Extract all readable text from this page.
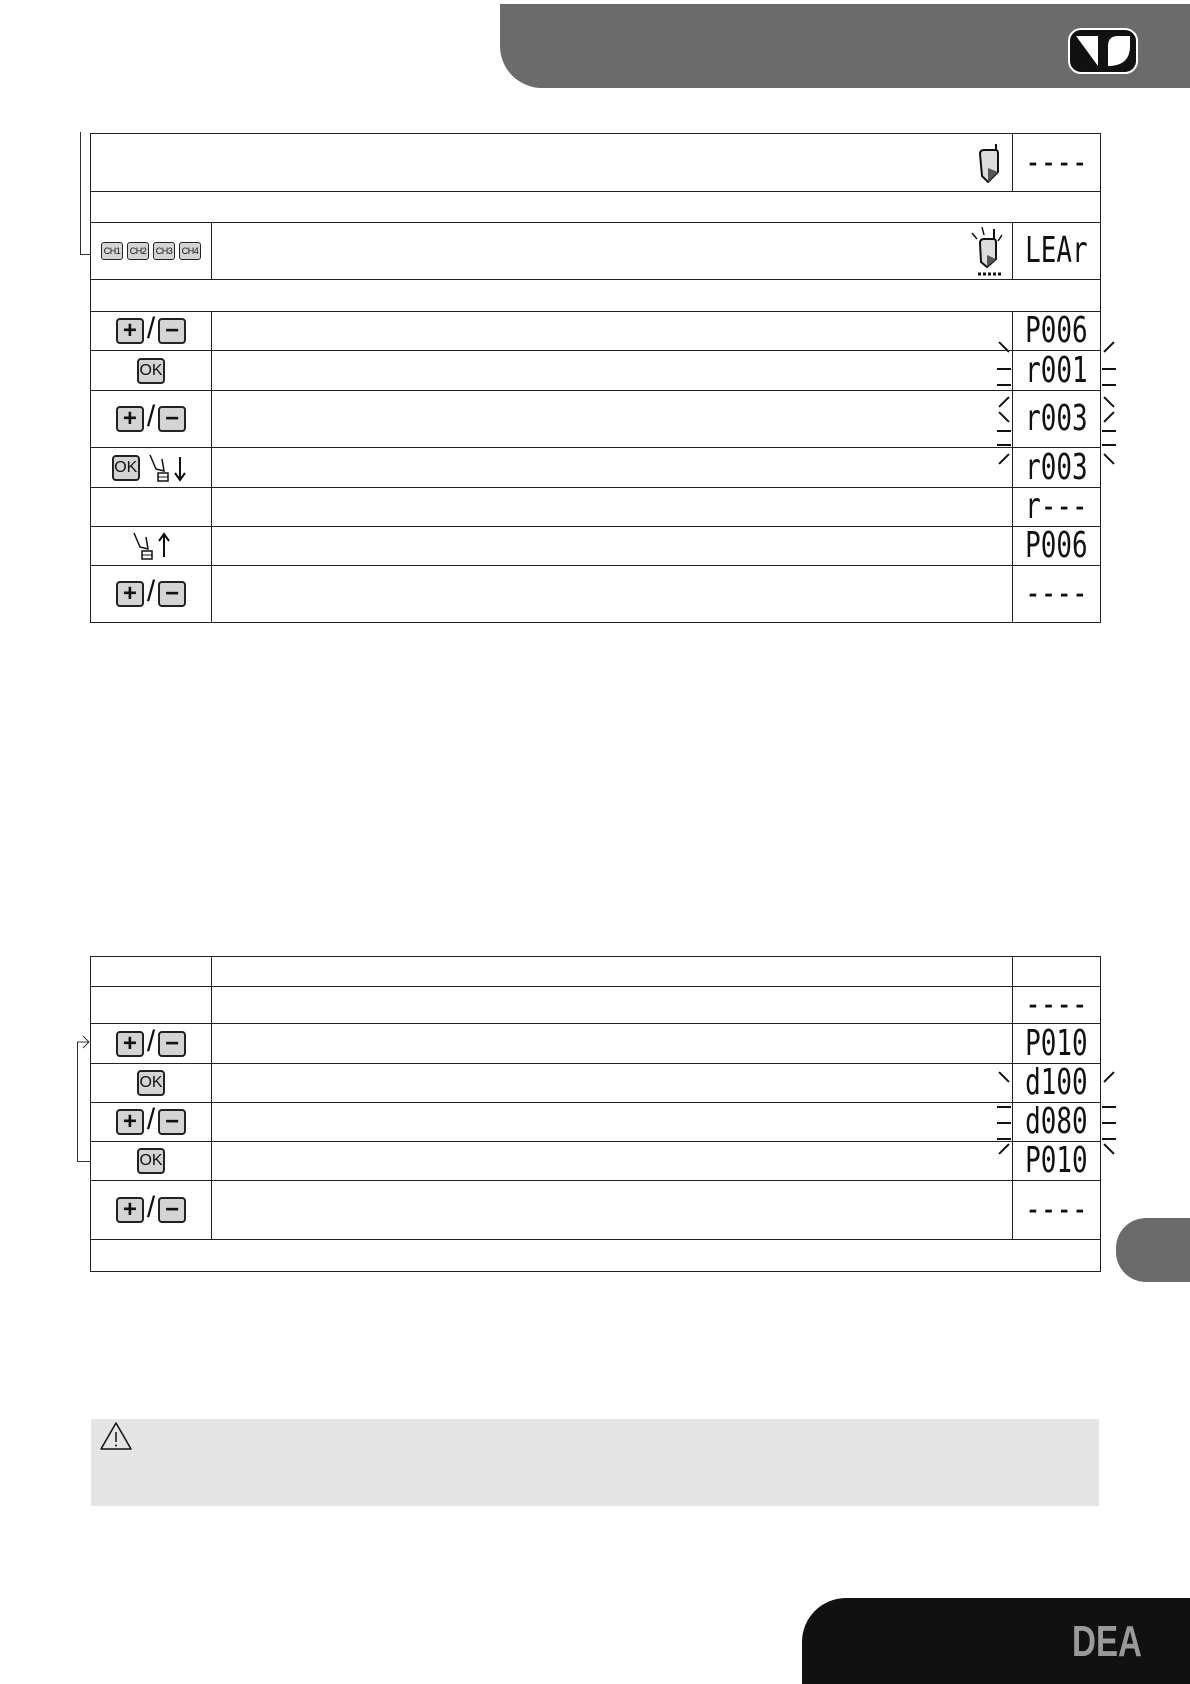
	----

CH1 CH2 CH3 CH4		LEAr

+ / −		P006
OK		r001
+ / −		r003
OK		r003
		r---
		P006
+ / −		----

		----
+ / −		P010
OK		d100
+ / −		d080
OK		P010
+ / −		----

DEA
